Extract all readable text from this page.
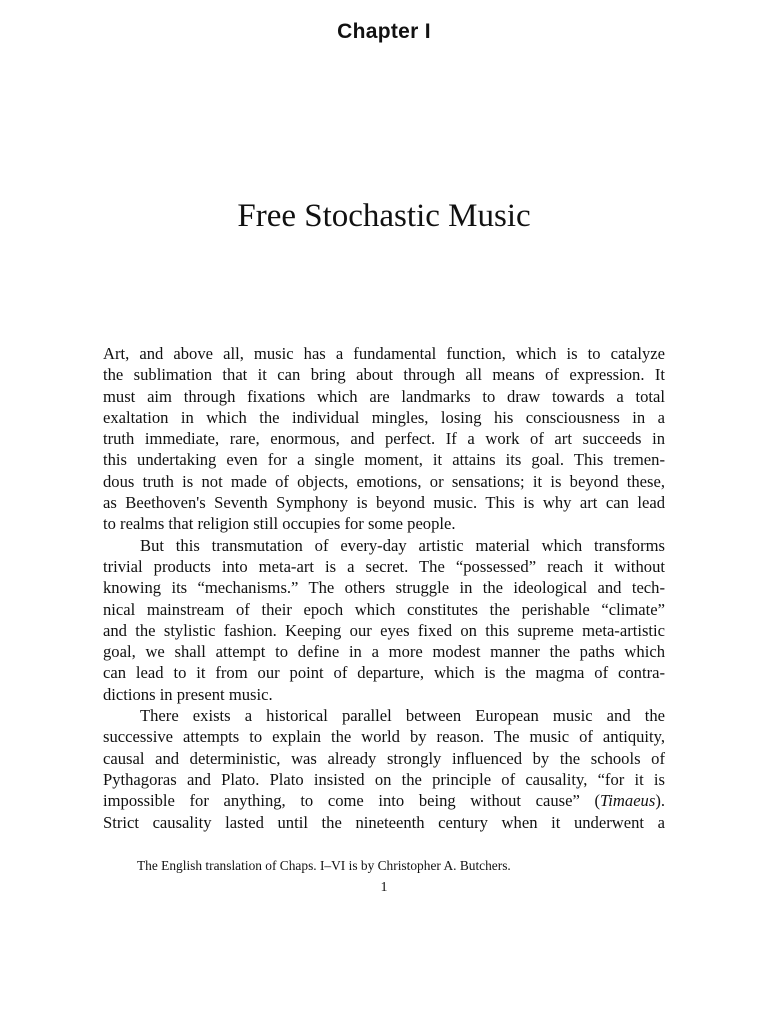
Chapter I
Free Stochastic Music
Art, and above all, music has a fundamental function, which is to catalyze
the sublimation that it can bring about through all means of expression. It
must aim through fixations which are landmarks to draw towards a total
exaltation in which the individual mingles, losing his consciousness in a
truth immediate, rare, enormous, and perfect. If a work of art succeeds in
this undertaking even for a single moment, it attains its goal. This tremen-
dous truth is not made of objects, emotions, or sensations; it is beyond these,
as Beethoven's Seventh Symphony is beyond music. This is why art can lead
to realms that religion still occupies for some people.
But this transmutation of every-day artistic material which transforms
trivial products into meta-art is a secret. The “possessed” reach it without
knowing its “mechanisms.” The others struggle in the ideological and tech-
nical mainstream of their epoch which constitutes the perishable “climate”
and the stylistic fashion. Keeping our eyes fixed on this supreme meta-artistic
goal, we shall attempt to define in a more modest manner the paths which
can lead to it from our point of departure, which is the magma of contra-
dictions in present music.
There exists a historical parallel between European music and the
successive attempts to explain the world by reason. The music of antiquity,
causal and deterministic, was already strongly influenced by the schools of
Pythagoras and Plato. Plato insisted on the principle of causality, “for it is
impossible for anything, to come into being without cause” (Timaeus).
Strict causality lasted until the nineteenth century when it underwent a
The English translation of Chaps. I–VI is by Christopher A. Butchers.
1
